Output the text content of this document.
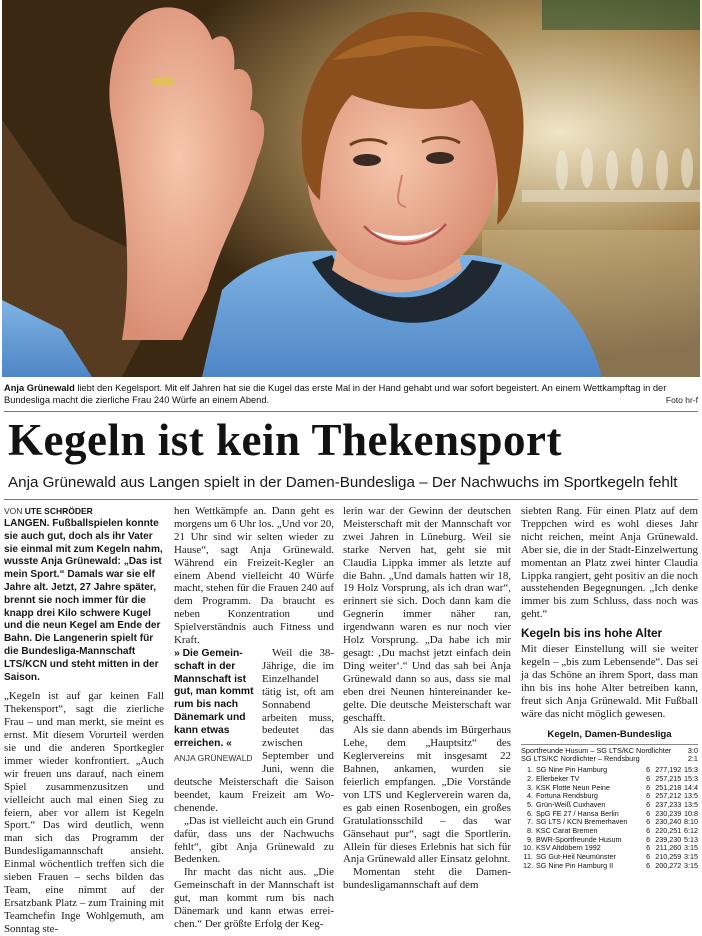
Anja Grünewald liebt den Kegelsport. Mit elf Jahren hat sie die Kugel das erste Mal in der Hand gehabt und war sofort begeistert. An einem Wettkampftag in der Bundesliga macht die zierliche Frau 240 Würfe an einem Abend.	Foto hr-f
Kegeln ist kein Thekensport
Anja Grünewald aus Langen spielt in der Damen-Bundesliga – Der Nachwuchs im Sportkegeln fehlt
VON UTE SCHRÖDER
LANGEN. Fußballspielen konnte sie auch gut, doch als ihr Vater sie einmal mit zum Kegeln nahm, wusste Anja Grünewald: „Das ist mein Sport.“ Damals war sie elf Jahre alt. Jetzt, 27 Jahre später, brennt sie noch immer für die knapp drei Kilo schwere Kugel und die neun Kegel am Ende der Bahn. Die Langenerin spielt für die Bundesliga-Mannschaft LTS/KCN und steht mitten in der Saison.

„Kegeln ist auf gar keinen Fall Thekensport“, sagt die zierliche Frau – und man merkt, sie meint es ernst. Mit diesem Vorurteil werden sie und die anderen Sportkegler immer wieder konfrontiert. „Auch wir freuen uns darauf, nach einem Spiel zusammenzusitzen und vielleicht auch mal einen Sieg zu feiern, aber vor allem ist Kegeln Sport.“ Das wird deutlich, wenn man sich das Programm der Bundesligamannschaft ansieht. Einmal wöchentlich treffen sich die sieben Frauen – sechs bilden das Team, eine nimmt auf der Ersatzbank Platz – zum Training mit Teamchefin Inge Wohlgemuth, am Sonntag ste-

hen Wettkämpfe an. Dann geht es morgens um 6 Uhr los. „Und vor 20, 21 Uhr sind wir selten wieder zu Hause“, sagt Anja Grünewald. Während ein Freizeit-Kegler an einem Abend vielleicht 40 Würfe macht, stehen für die Frauen 240 auf dem Programm. Da braucht es neben Konzentration und Spielverständnis auch Fitness und Kraft.

» Die Gemeinschaft in der Mannschaft ist gut, man kommt rum bis nach Dänemark und kann etwas erreichen. «
ANJA GRÜNEWALD
Weil die 38-Jährige, die im Einzelhandel tätig ist, oft am Sonnabend arbeiten muss, bedeutet das zwischen September und Juni, wenn die deutsche Meisterschaft die Saison beendet, kaum Freizeit am Wochenende.

„Das ist vielleicht auch ein Grund dafür, dass uns der Nachwuchs fehlt“, gibt Anja Grünewald zu Bedenken.

Ihr macht das nicht aus. „Die Gemeinschaft in der Mannschaft ist gut, man kommt rum bis nach Dänemark und kann etwas erreichen.“ Der größte Erfolg der Keg-

lerin war der Gewinn der deutschen Meisterschaft mit der Mannschaft vor zwei Jahren in Lüneburg. Weil sie starke Nerven hat, geht sie mit Claudia Lippka immer als letzte auf die Bahn. „Und damals hatten wir 18, 19 Holz Vorsprung, als ich dran war“, erinnert sie sich. Doch dann kam die Gegnerin immer näher ran, irgendwann waren es nur noch vier Holz Vorsprung. „Da habe ich mir gesagt: ‚Du machst jetzt einfach dein Ding weiter‘.“ Und das sah bei Anja Grünewald dann so aus, dass sie mal eben drei Neunen hintereinander kegelte. Die deutsche Meisterschaft war geschafft.

Als sie dann abends im Bürgerhaus Lehe, dem „Hauptsitz“ des Keglervereins mit insgesamt 22 Bahnen, ankamen, wurden sie feierlich empfangen. „Die Vorstände von LTS und Keglerverein waren da, es gab einen Rosenbogen, ein großes Gratulationsschild – das war Gänsehaut pur“, sagt die Sportlerin. Allein für dieses Erlebnis hat sich für Anja Grünewald aller Einsatz gelohnt.

Momentan steht die Damenbundesligamannschaft auf dem

siebten Rang. Für einen Platz auf dem Treppchen wird es wohl dieses Jahr nicht reichen, meint Anja Grünewald. Aber sie, die in der Stadt-Einzelwertung momentan an Platz zwei hinter Claudia Lippka rangiert, geht positiv an die noch ausstehenden Begegnungen. „Ich denke immer bis zum Schluss, dass noch was geht.“

Kegeln bis ins hohe Alter

Mit dieser Einstellung will sie weiter kegeln – „bis zum Lebensende“. Das sei ja das Schöne an ihrem Sport, dass man ihn bis ins hohe Alter betreiben kann, freut sich Anja Grünewald. Mit Fußball wäre das nicht möglich gewesen.

Kegeln, Damen-Bundesliga
Sportfreunde Husum – SG LTS/KC Nordlichter 3:0
SG LTS/KC Nordlichter – Rendsburg	2:1
1.	SG Nine Pin Hamburg	6	277,192	15:3
2.	Ellerbeker TV	6	257,215	15:3
3.	KSK Flotte Neun Peine	6	251,218	14:4
4.	Fortuna Rendsburg	6	257,212	13:5
5.	Grün-Weiß Cuxhaven	6	237,233	13:5
6.	SpG FE 27 / Hansa Berlin	6	230,239	10:8
7.	SG LTS / KCN Bremerhaven	6	230,240	8:10
8.	KSC Carat Bremen	6	220,251	6:12
9.	BWR-Sportfreunde Husum	6	239,230	5:13
10.	KSV Altdöbern 1992	6	211,260	3:15
11.	SG Gut-Heil Neumünster	6	210,259	3:15
12.	SG Nine Pin Hamburg II	6	200,272	3:15
